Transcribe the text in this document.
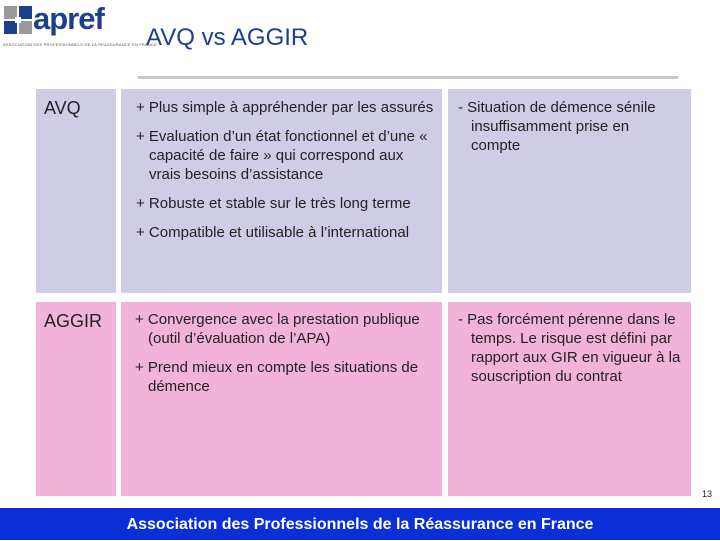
apref
ASSOCIATION DES PROFESSIONNELS DE LA RÉASSURANCE EN FRANCE
AVQ vs AGGIR
AVQ	+ Plus simple à appréhender par les assurés

+ Evaluation d’un état fonctionnel et d’une « capacité de faire » qui correspond aux vrais besoins d’assistance

+ Robuste et stable sur le très long terme

+ Compatible et utilisable à l’international

- Situation de démence sénile insuffisamment prise en compte

AGGIR	+ Convergence avec la prestation publique (outil d’évaluation de l’APA)

+ Prend mieux en compte les situations de démence

- Pas forcément pérenne dans le temps. Le risque est défini par rapport aux GIR en vigueur à la souscription du contrat

13
Association des Professionnels de la Réassurance en France
